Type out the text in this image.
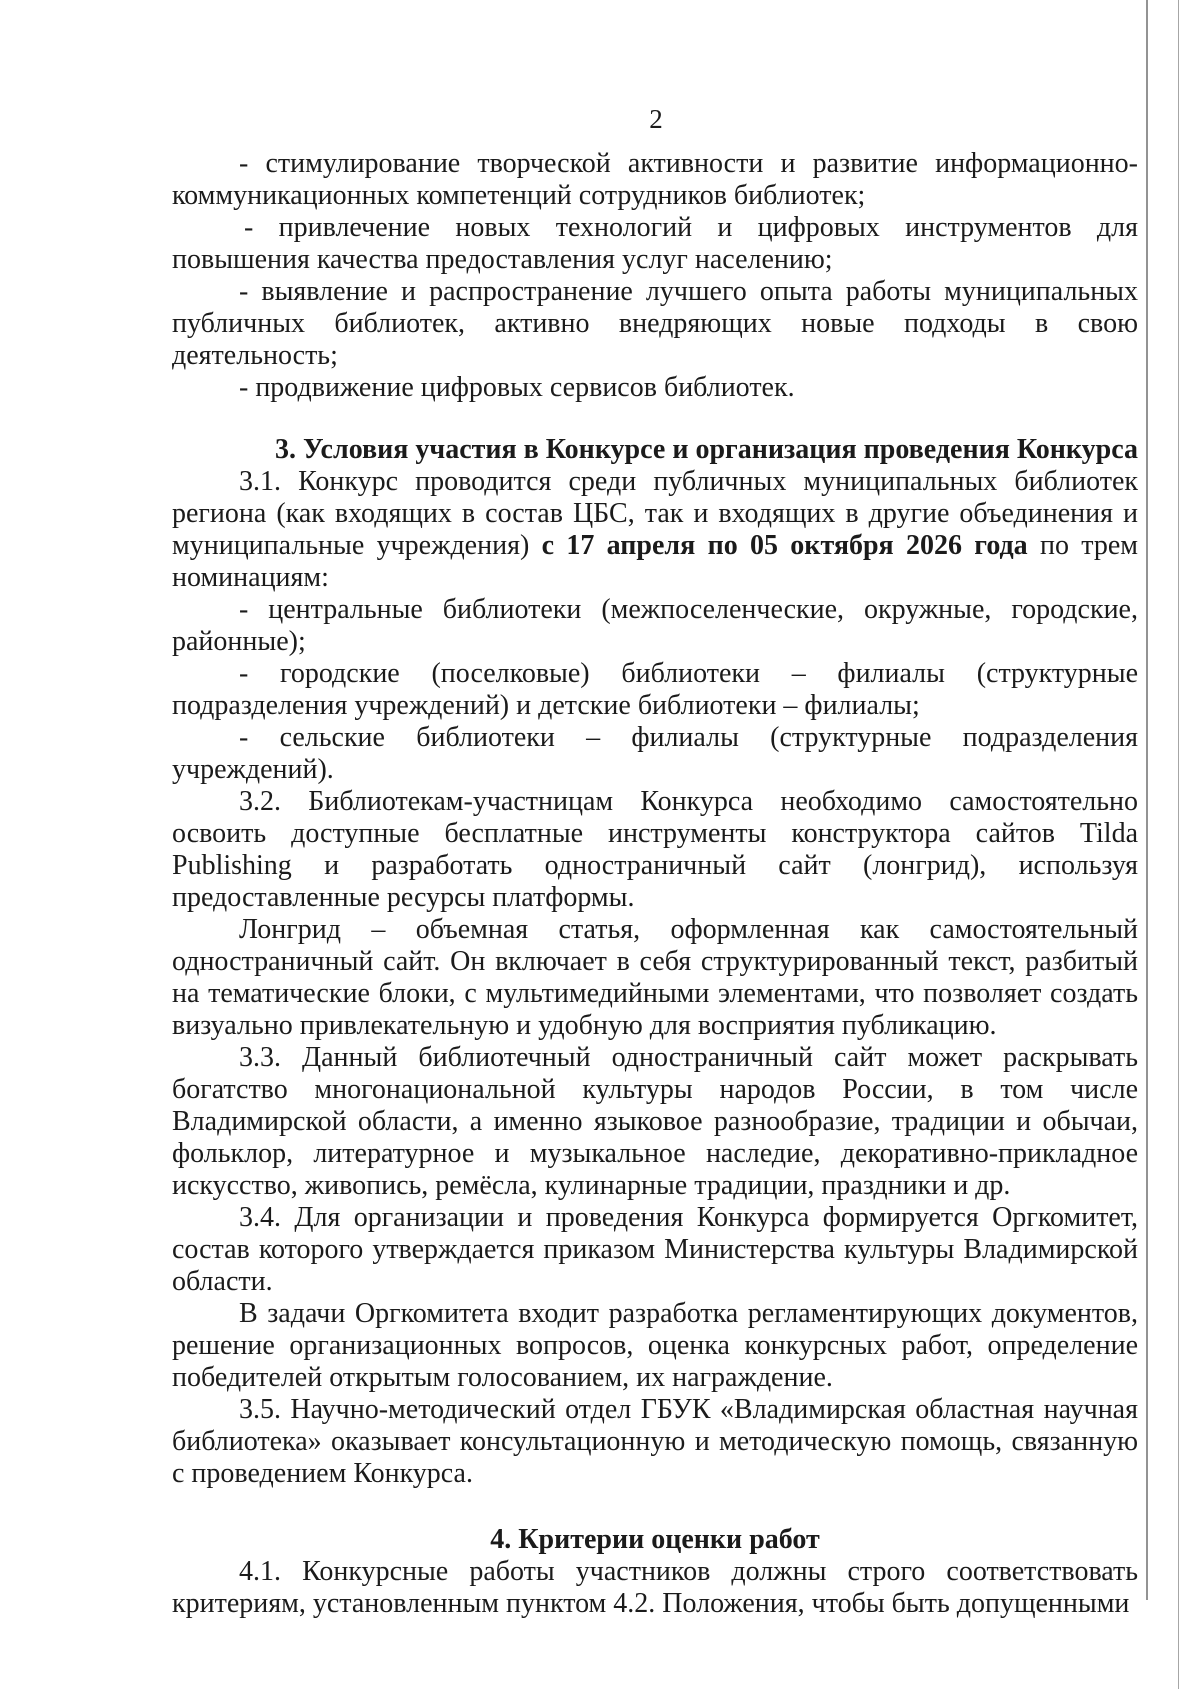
2

- стимулирование творческой активности и развитие информационно-коммуникационных компетенций сотрудников библиотек;

- привлечение новых технологий и цифровых инструментов для повышения качества предоставления услуг населению;

- выявление и распространение лучшего опыта работы муниципальных публичных библиотек, активно внедряющих новые подходы в свою деятельность;

- продвижение цифровых сервисов библиотек.

3. Условия участия в Конкурсе и организация проведения Конкурса

3.1. Конкурс проводится среди публичных муниципальных библиотек региона (как входящих в состав ЦБС, так и входящих в другие объединения и муниципальные учреждения) с 17 апреля по 05 октября 2026 года по трем номинациям:

- центральные библиотеки (межпоселенческие, окружные, городские, районные);

- городские (поселковые) библиотеки – филиалы (структурные подразделения учреждений) и детские библиотеки – филиалы;

- сельские библиотеки – филиалы (структурные подразделения учреждений).

3.2. Библиотекам-участницам Конкурса необходимо самостоятельно освоить доступные бесплатные инструменты конструктора сайтов Tilda Publishing и разработать одностраничный сайт (лонгрид), используя предоставленные ресурсы платформы.

Лонгрид – объемная статья, оформленная как самостоятельный одностраничный сайт. Он включает в себя структурированный текст, разбитый на тематические блоки, с мультимедийными элементами, что позволяет создать визуально привлекательную и удобную для восприятия публикацию.

3.3. Данный библиотечный одностраничный сайт может раскрывать богатство многонациональной культуры народов России, в том числе Владимирской области, а именно языковое разнообразие, традиции и обычаи, фольклор, литературное и музыкальное наследие, декоративно-прикладное искусство, живопись, ремёсла, кулинарные традиции, праздники и др.

3.4. Для организации и проведения Конкурса формируется Оргкомитет, состав которого утверждается приказом Министерства культуры Владимирской области.

В задачи Оргкомитета входит разработка регламентирующих документов, решение организационных вопросов, оценка конкурсных работ, определение победителей открытым голосованием, их награждение.

3.5. Научно-методический отдел ГБУК «Владимирская областная научная библиотека» оказывает консультационную и методическую помощь, связанную с проведением Конкурса.

4. Критерии оценки работ

4.1. Конкурсные работы участников должны строго соответствовать критериям, установленным пунктом 4.2. Положения, чтобы быть допущенными
